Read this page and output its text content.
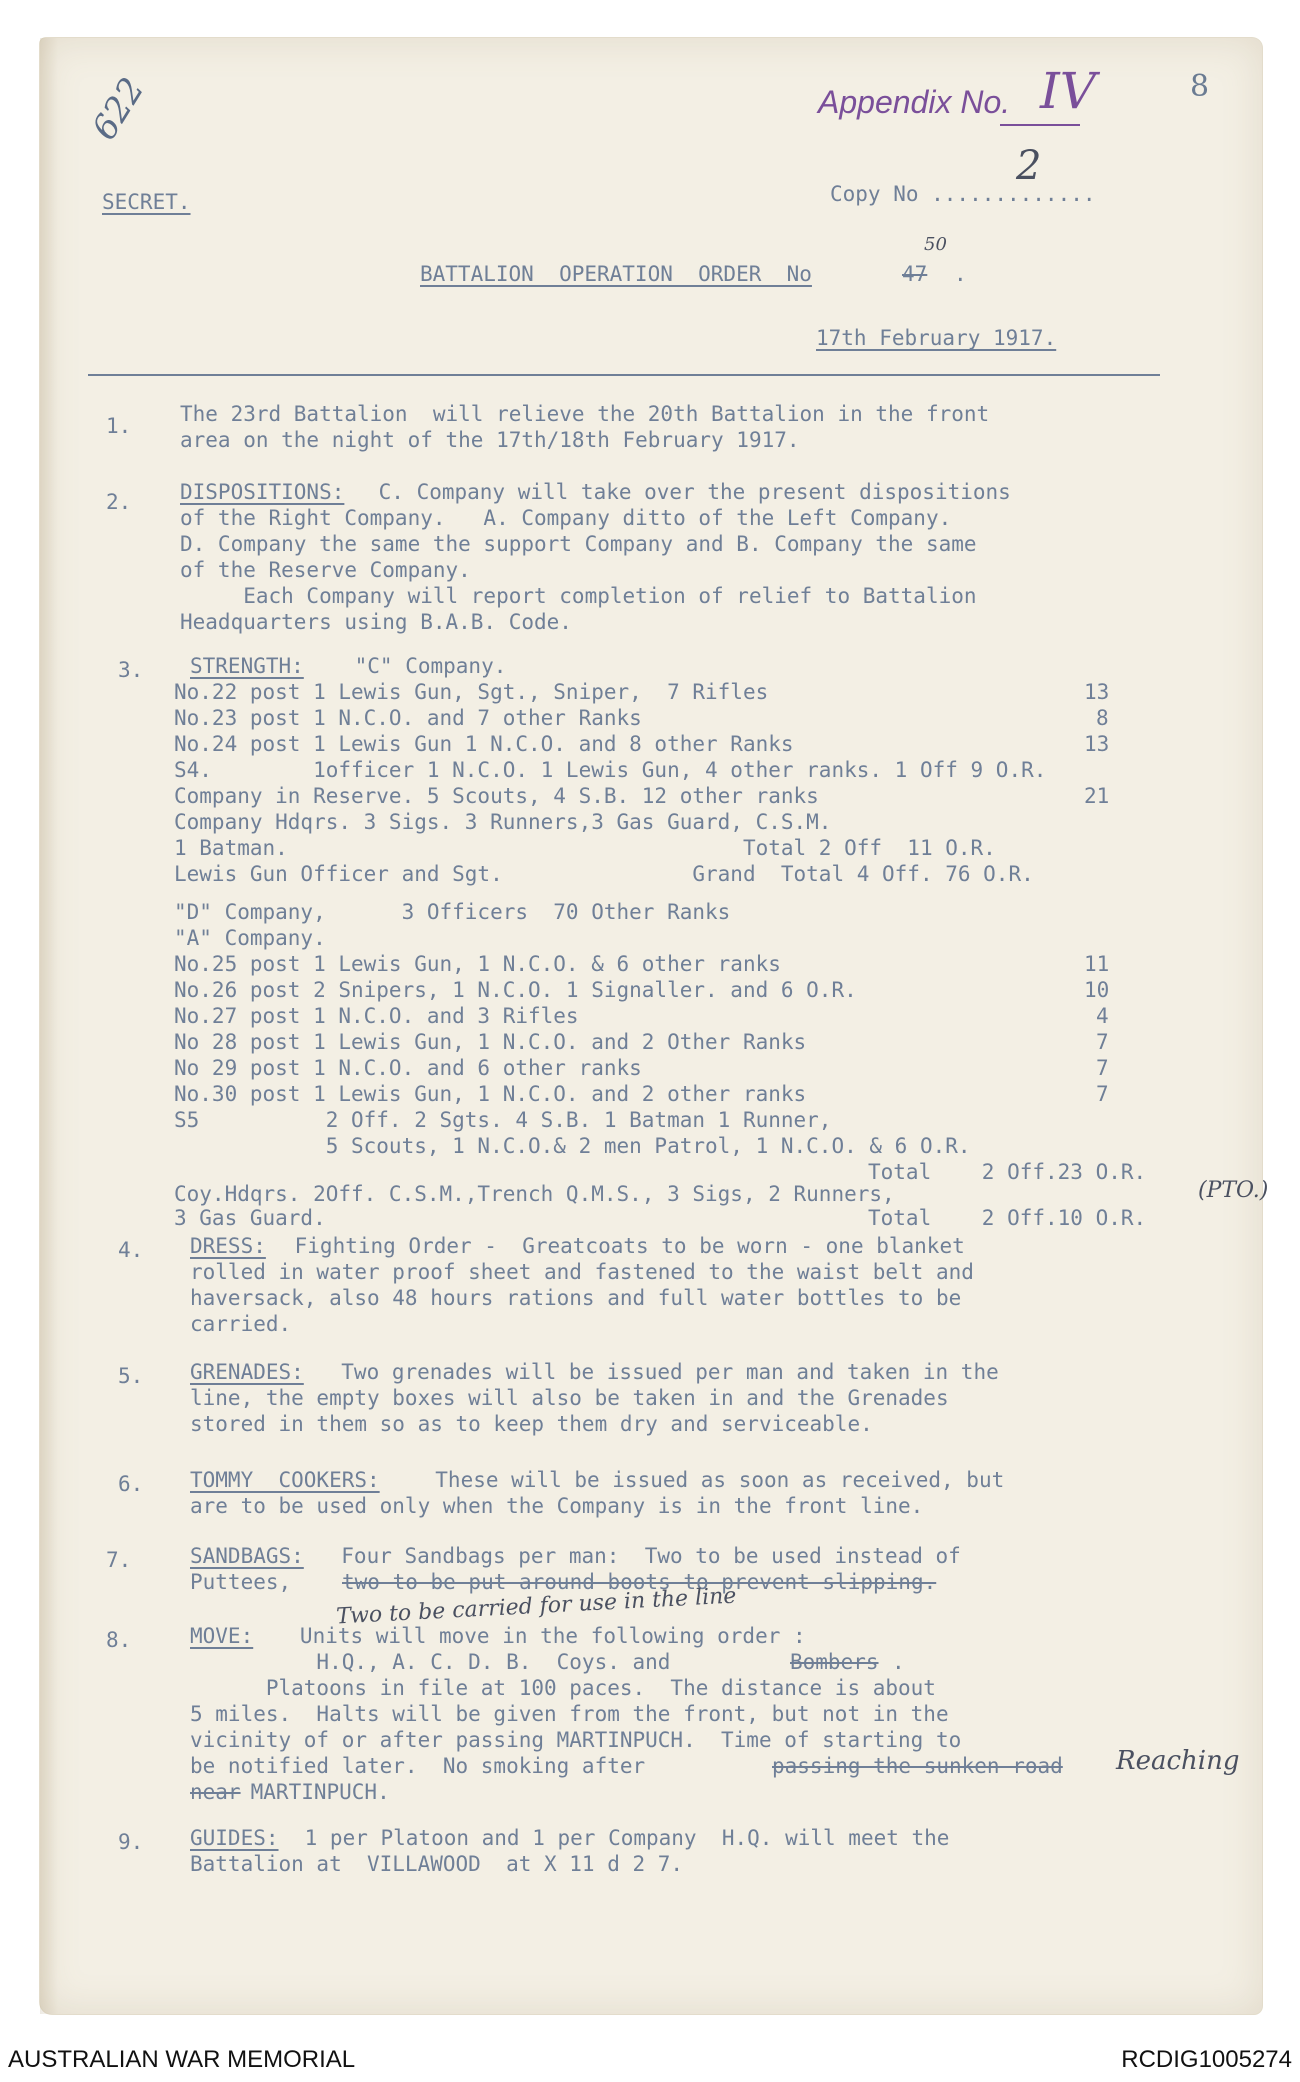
622	Appendix No. IV	8
SECRET.	Copy No .............
2
BATTALION  OPERATION  ORDER  No	47
50
.
17th February 1917.
1. The 23rd Battalion  will relieve the 20th Battalion in the front
area on the night of the 17th/18th February 1917.
2. DISPOSITIONS: C. Company will take over the present dispositions
of the Right Company.   A. Company ditto of the Left Company.
D. Company the same the support Company and B. Company the same
of the Reserve Company.
Each Company will report completion of relief to Battalion
Headquarters using B.A.B. Code.
3. STRENGTH: "C" Company.
No.22 post 1 Lewis Gun, Sgt., Sniper,  7 Rifles	13
No.23 post 1 N.C.O. and 7 other Ranks	8
No.24 post 1 Lewis Gun 1 N.C.O. and 8 other Ranks	13
S4.        1officer 1 N.C.O. 1 Lewis Gun, 4 other ranks. 1 Off 9 O.R.
Company in Reserve. 5 Scouts, 4 S.B. 12 other ranks	21
Company Hdqrs. 3 Sigs. 3 Runners,3 Gas Guard, C.S.M.
1 Batman.                                    Total 2 Off  11 O.R.
Lewis Gun Officer and Sgt.               Grand  Total 4 Off. 76 O.R.
"D" Company,      3 Officers  70 Other Ranks
"A" Company.
No.25 post 1 Lewis Gun, 1 N.C.O. & 6 other ranks	11
No.26 post 2 Snipers, 1 N.C.O. 1 Signaller. and 6 O.R.	10
No.27 post 1 N.C.O. and 3 Rifles	4
No 28 post 1 Lewis Gun, 1 N.C.O. and 2 Other Ranks	7
No 29 post 1 N.C.O. and 6 other ranks	7
No.30 post 1 Lewis Gun, 1 N.C.O. and 2 other ranks	7
S5          2 Off. 2 Sgts. 4 S.B. 1 Batman 1 Runner,
5 Scouts, 1 N.C.O.& 2 men Patrol, 1 N.C.O. & 6 O.R.
Total    2 Off.23 O.R.
Coy.Hdqrs. 2Off. C.S.M.,Trench Q.M.S., 3 Sigs, 2 Runners,
3 Gas Guard.	Total    2 Off.10 O.R.
(PTO.)
4. DRESS: Fighting Order -  Greatcoats to be worn - one blanket
rolled in water proof sheet and fastened to the waist belt and
haversack, also 48 hours rations and full water bottles to be
carried.
5. GRENADES: Two grenades will be issued per man and taken in the
line, the empty boxes will also be taken in and the Grenades
stored in them so as to keep them dry and serviceable.
6. TOMMY  COOKERS: These will be issued as soon as received, but
are to be used only when the Company is in the front line.
7.	SANDBAGS: Four Sandbags per man:  Two to be used instead of
Puttees, two to be put around boots to prevent slipping.
Two to be carried for use in the line
8.	MOVE: Units will move in the following order :
H.Q., A. C. D. B.  Coys. and	Bombers .
Platoons in file at 100 paces.  The distance is about
5 miles.  Halts will be given from the front, but not in the
vicinity of or after passing MARTINPUCH.  Time of starting to
be notified later.  No smoking after	passing the sunken road Reaching
near
MARTINPUCH.
9. GUIDES: 1 per Platoon and 1 per Company  H.Q. will meet the
Battalion at  VILLAWOOD  at X 11 d 2 7.
AUSTRALIAN WAR MEMORIAL	RCDIG1005274
